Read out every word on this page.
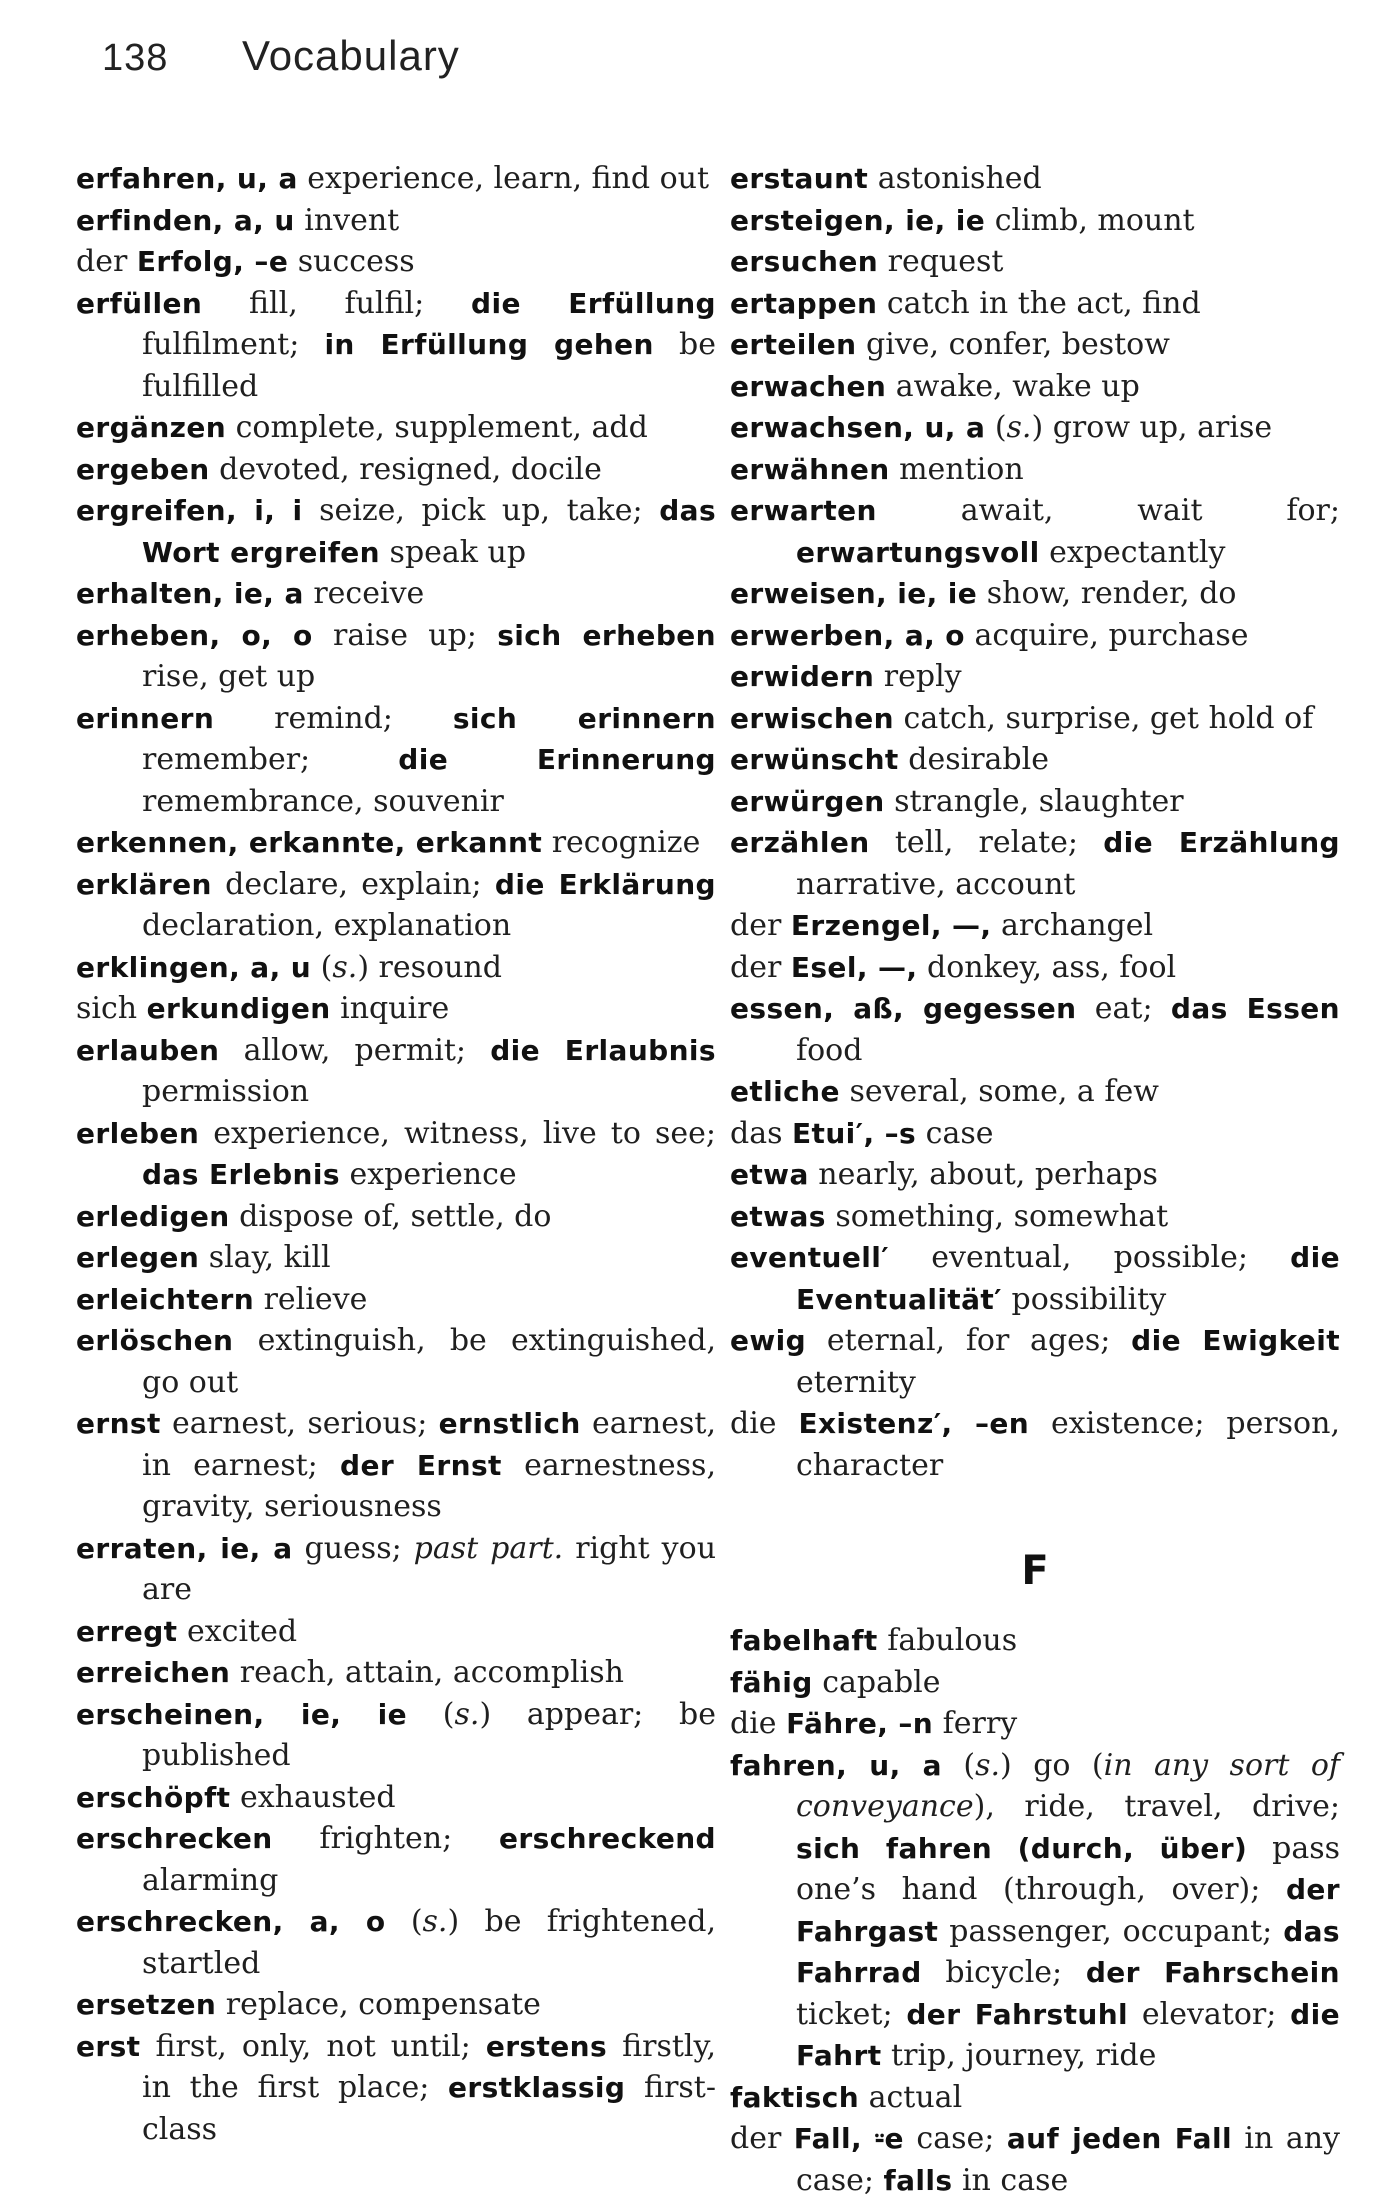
138	Vocabulary
erfahren, u, a experience, learn, find out
erfinden, a, u invent
der Erfolg, –e success
erfüllen fill, fulfil; die Erfüllung fulfilment; in Erfüllung gehen be fulfilled
ergänzen complete, supplement, add
ergeben devoted, resigned, docile
ergreifen, i, i seize, pick up, take; das Wort ergreifen speak up
erhalten, ie, a receive
erheben, o, o raise up; sich erheben rise, get up
erinnern remind; sich erinnern remember; die Erinnerung remembrance, souvenir
erkennen, erkannte, erkannt recognize
erklären declare, explain; die Erklärung declaration, explanation
erklingen, a, u (s.) resound
sich erkundigen inquire
erlauben allow, permit; die Erlaubnis permission
erleben experience, witness, live to see; das Erlebnis experience
erledigen dispose of, settle, do
erlegen slay, kill
erleichtern relieve
erlöschen extinguish, be extinguished, go out
ernst earnest, serious; ernstlich earnest, in earnest; der Ernst earnestness, gravity, seriousness
erraten, ie, a guess; past part. right you are
erregt excited
erreichen reach, attain, accomplish
erscheinen, ie, ie (s.) appear; be published
erschöpft exhausted
erschrecken frighten; erschreckend alarming
erschrecken, a, o (s.) be frightened, startled
ersetzen replace, compensate
erst first, only, not until; erstens firstly, in the first place; erstklassig first-class
erstaunt astonished
ersteigen, ie, ie climb, mount
ersuchen request
ertappen catch in the act, find
erteilen give, confer, bestow
erwachen awake, wake up
erwachsen, u, a (s.) grow up, arise
erwähnen mention
erwarten await, wait for; erwartungsvoll expectantly
erweisen, ie, ie show, render, do
erwerben, a, o acquire, purchase
erwidern reply
erwischen catch, surprise, get hold of
erwünscht desirable
erwürgen strangle, slaughter
erzählen tell, relate; die Erzählung narrative, account
der Erzengel, —, archangel
der Esel, —, donkey, ass, fool
essen, aß, gegessen eat; das Essen food
etliche several, some, a few
das Etui′, –s case
etwa nearly, about, perhaps
etwas something, somewhat
eventuell′ eventual, possible; die Eventualität′ possibility
ewig eternal, for ages; die Ewigkeit eternity
die Existenz′, –en existence; person, character
F
fabelhaft fabulous
fähig capable
die Fähre, –n ferry
fahren, u, a (s.) go (in any sort of conveyance), ride, travel, drive; sich fahren (durch, über) pass one’s hand (through, over); der Fahrgast passenger, occupant; das Fahrrad bicycle; der Fahrschein ticket; der Fahrstuhl elevator; die Fahrt trip, journey, ride
faktisch actual
der Fall, ⸚e case; auf jeden Fall in any case; falls in case
